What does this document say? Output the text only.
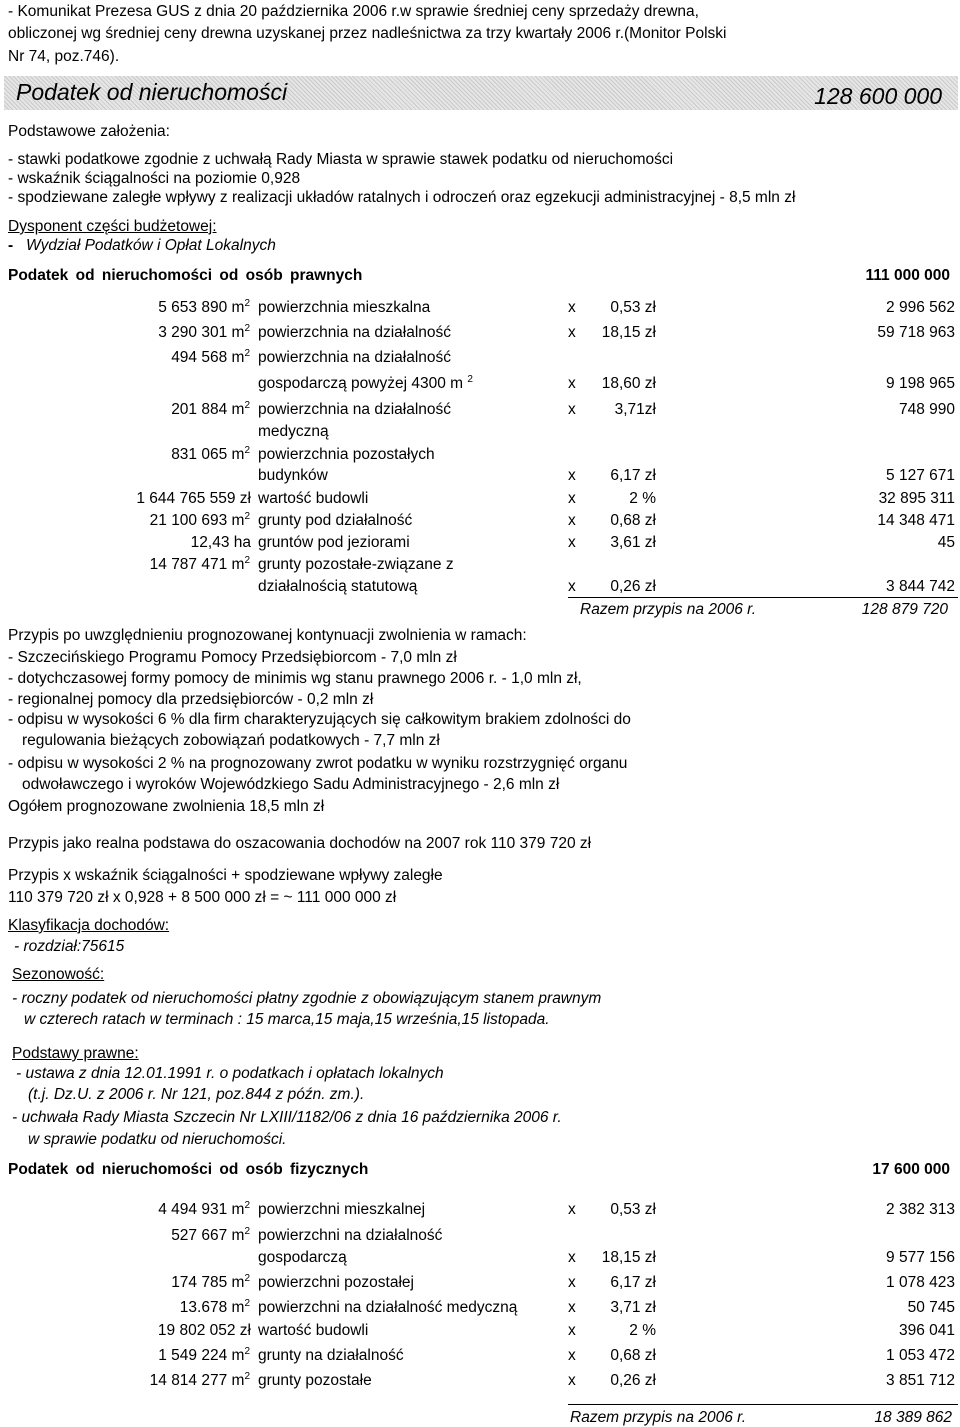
- Komunikat Prezesa GUS z dnia 20 października 2006 r.w sprawie średniej ceny sprzedaży drewna,
obliczonej wg średniej ceny drewna uzyskanej przez nadleśnictwa za trzy kwartały 2006 r.(Monitor Polski
Nr 74, poz.746).
Podatek od nieruchomości	128 600 000
Podstawowe założenia:
- stawki podatkowe zgodnie z uchwałą Rady Miasta w sprawie stawek podatku od nieruchomości
- wskaźnik ściągalności na poziomie 0,928
- spodziewane zaległe wpływy z realizacji układów ratalnych i odroczeń oraz egzekucji administracyjnej - 8,5 mln zł
Dysponent części budżetowej:
- Wydział Podatków i Opłat Lokalnych
Podatek od nieruchomości od osób prawnych	111 000 000
5 653 890 $m^2$ powierzchnia mieszkalna	x 0,53 zł	2 996 562
3 290 301 $m^2$ powierzchnia na działalność	x 18,15 zł	59 718 963
494 568 $m^2$ powierzchnia na działalność
gospodarczą powyżej 4300 m $^2$	x 18,60 zł	9 198 965
201 884 $m^2$ powierzchnia na działalność
medyczną
x	3,71zł	748 990
831 065 $m^2$ powierzchnia pozostałych
budynków	x 6,17 zł	5 127 671
1 644 765 559 zł wartość budowli	x	2 %	32 895 311
21 100 693 $m^2$ grunty pod działalność	x 0,68 zł	14 348 471
12,43 ha gruntów pod jeziorami	x 3,61 zł	45
14 787 471 $m^2$ grunty pozostałe-związane z
działalnością statutową	x 0,26 zł	3 844 742
Razem przypis na 2006 r.	128 879 720
Przypis po uwzględnieniu prognozowanej kontynuacji zwolnienia w ramach:
- Szczecińskiego Programu Pomocy Przedsiębiorcom - 7,0 mln zł
- dotychczasowej formy pomocy de minimis wg stanu prawnego 2006 r. - 1,0 mln zł,
- regionalnej pomocy dla przedsiębiorców - 0,2 mln zł
- odpisu w wysokości 6 % dla firm charakteryzujących się całkowitym brakiem zdolności do
regulowania bieżących zobowiązań podatkowych - 7,7 mln zł
- odpisu w wysokości 2 % na prognozowany zwrot podatku w wyniku rozstrzygnięć organu
odwoławczego i wyroków Wojewódzkiego Sadu Administracyjnego - 2,6 mln zł
Ogółem prognozowane zwolnienia 18,5 mln zł
Przypis jako realna podstawa do oszacowania dochodów na 2007 rok 110 379 720 zł
Przypis x wskaźnik ściągalności + spodziewane wpływy zaległe
110 379 720 zł x 0,928 + 8 500 000 zł = ~ 111 000 000 zł
Klasyfikacja dochodów:
- rozdział:75615
Sezonowość:
- roczny podatek od nieruchomości płatny zgodnie z obowiązującym stanem prawnym
w czterech ratach w terminach : 15 marca,15 maja,15 września,15 listopada.
Podstawy prawne:
- ustawa z dnia 12.01.1991 r. o podatkach i opłatach lokalnych
(t.j. Dz.U. z 2006 r. Nr 121, poz.844 z późn. zm.).
- uchwała Rady Miasta Szczecin Nr LXIII/1182/06 z dnia 16 października 2006 r.
w sprawie podatku od nieruchomości.
Podatek od nieruchomości od osób fizycznych	17 600 000
4 494 931 $m^2$ powierzchni mieszkalnej	x 0,53 zł	2 382 313
527 667 $m^2$ powierzchni na działalność
gospodarczą	x 18,15 zł	9 577 156
174 785 $m^2$ powierzchni pozostałej	x 6,17 zł	1 078 423
13.678 $m^2$ powierzchni na działalność medyczną	x 3,71 zł	50 745
19 802 052 zł wartość budowli	x	2 %	396 041
1 549 224 $m^2$ grunty na działalność	x 0,68 zł	1 053 472
14 814 277 $m^2$ grunty pozostałe	x 0,26 zł	3 851 712
Razem przypis na 2006 r.	18 389 862
